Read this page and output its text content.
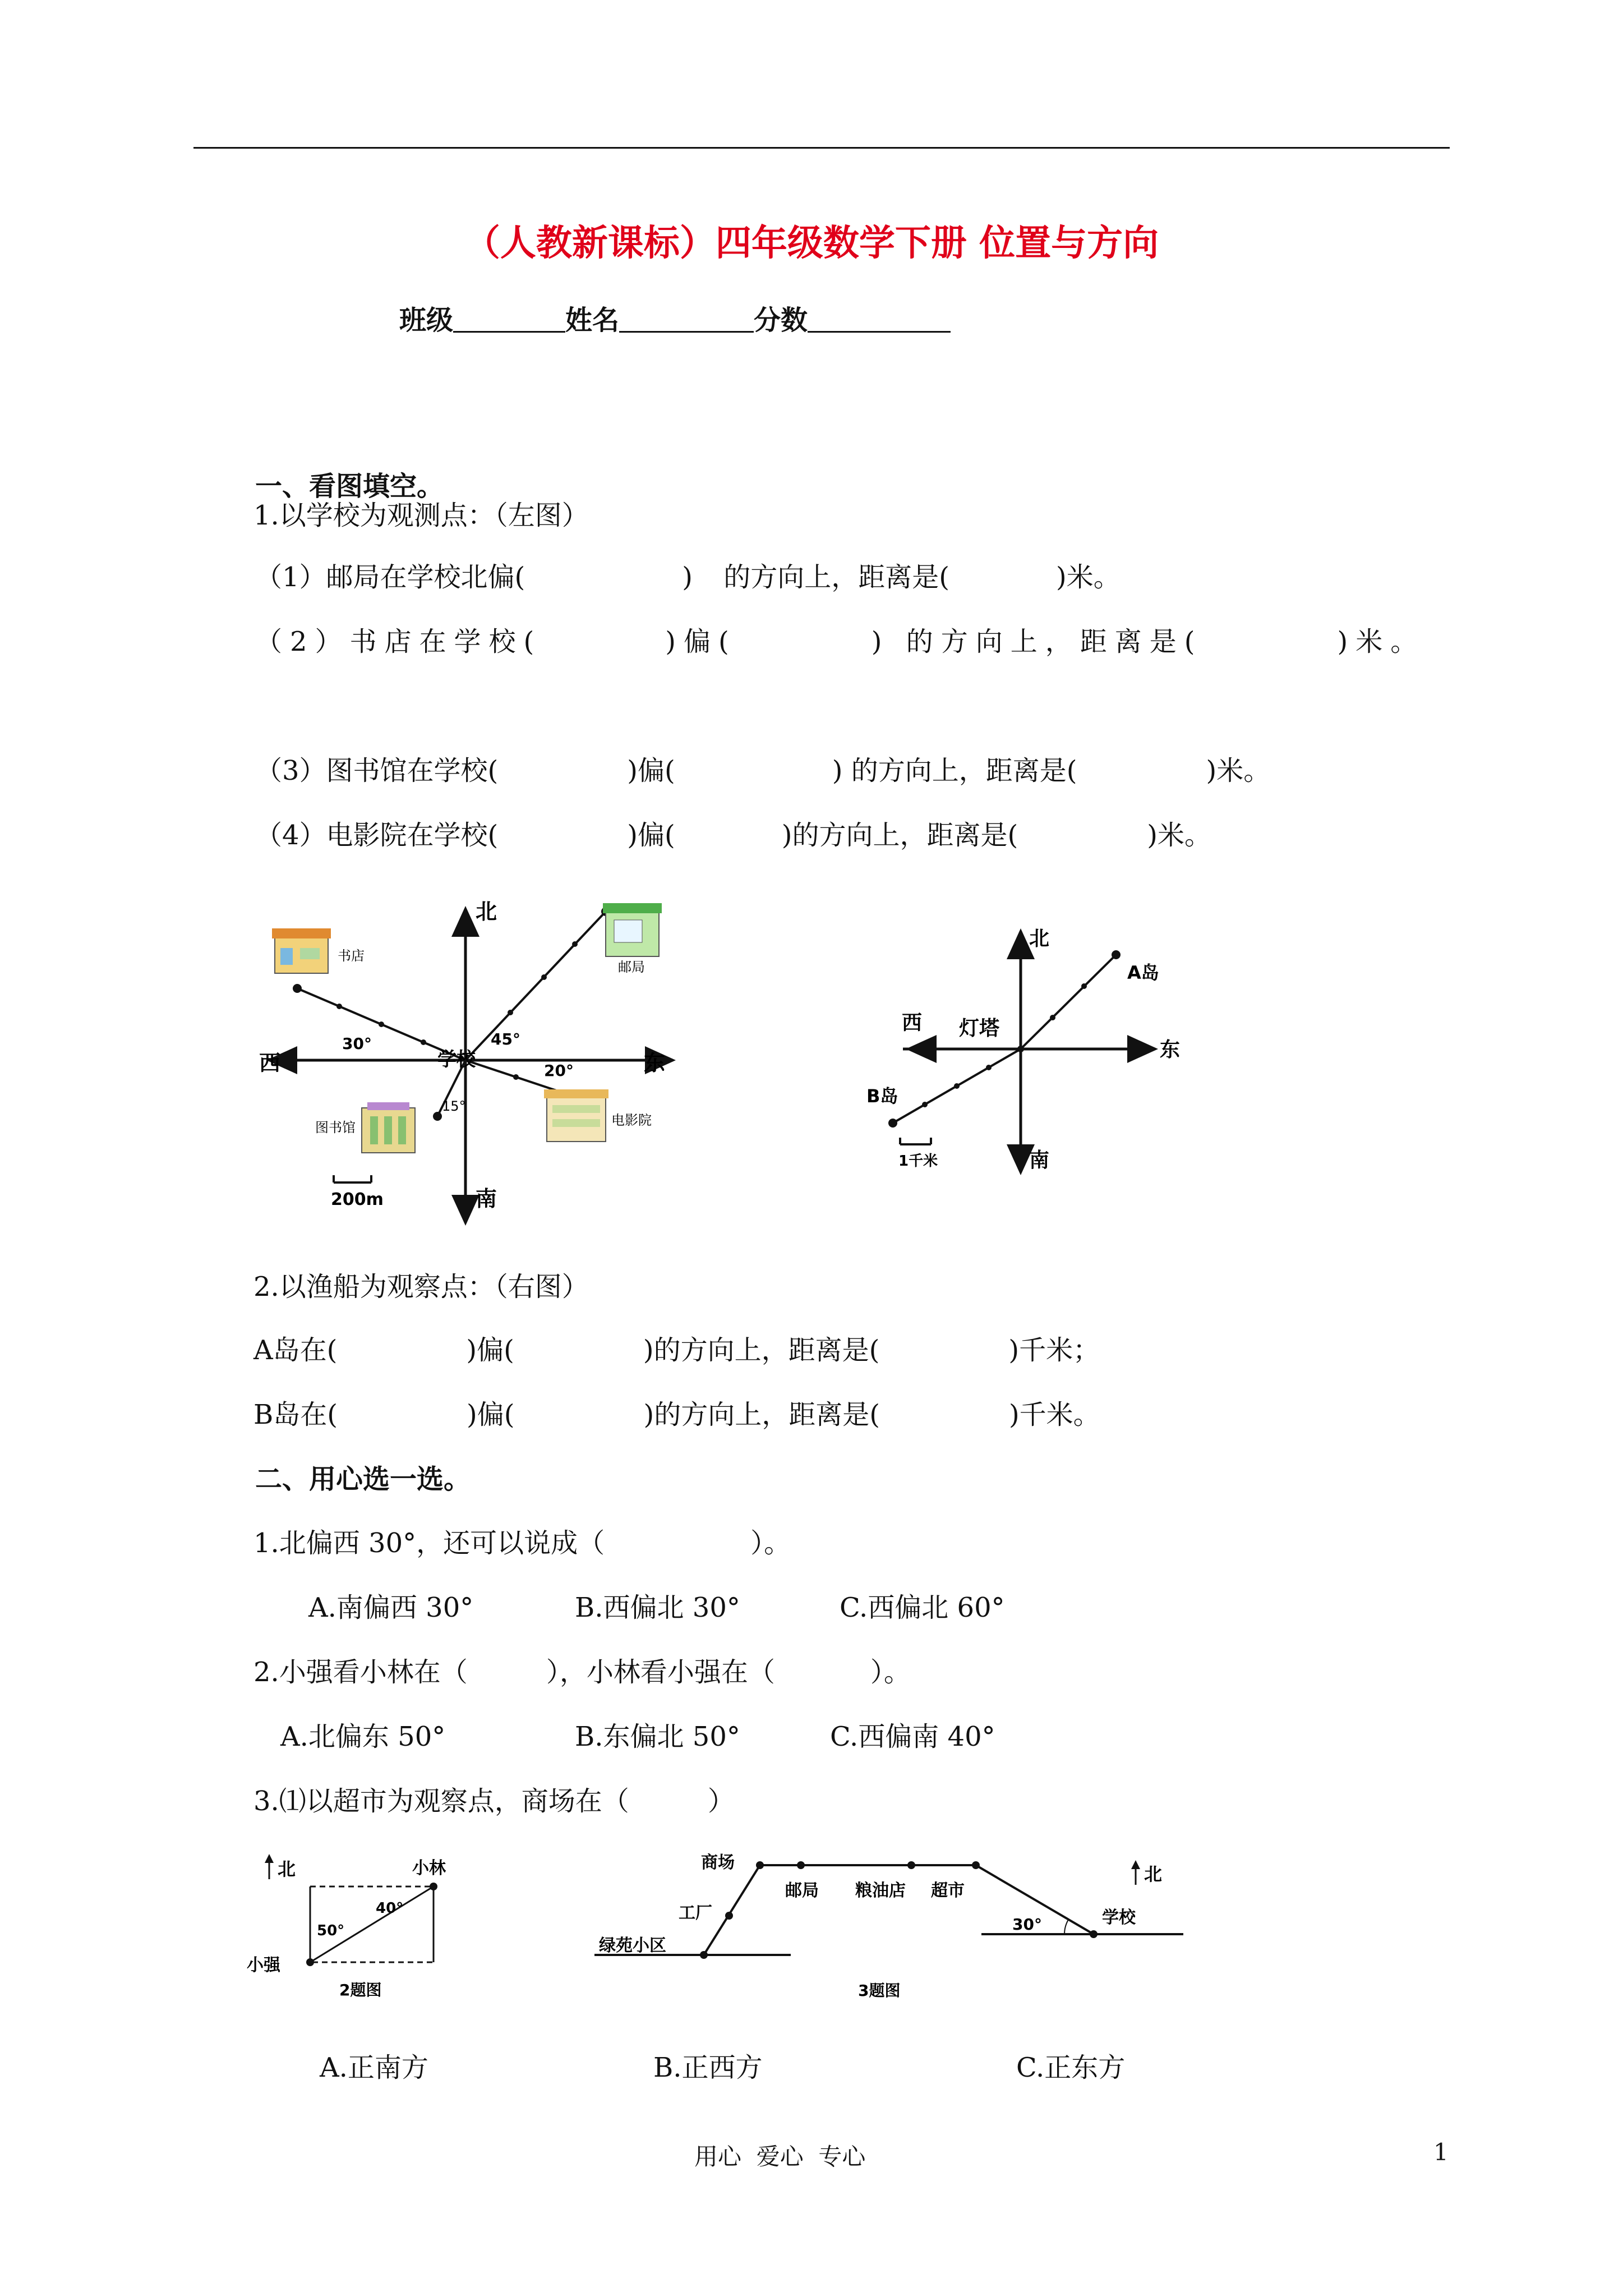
（人教新课标）四年级数学下册 位置与方向
班级	姓名	分数
一、看图填空。
1.以学校为观测点：（左图）
（1）邮局在学校北偏(	) 的方向上，距离是(	)米。
（2）书店在学校(	)偏(	) 的方向上，距离是(	)米。
（3）图书馆在学校(	)偏(	) 的方向上，距离是(	)米。
（4）电影院在学校(	)偏(	)的方向上，距离是(	)米。
北
南
东
西	学校
书店
邮局
图书馆	电影院
30°	45°
20°
15°
200m
北
南
东
西 灯塔
A岛
B岛
1千米
2.以渔船为观察点：（右图）
A岛在(	)偏(	)的方向上，距离是(	)千米；
B岛在(	)偏(	)的方向上，距离是(	)千米。
二、用心选一选。
1.北偏西 30°，还可以说成（	）。
A.南偏西 30°	B.西偏北 30°	C.西偏北 60°
2.小强看小林在（	），小林看小强在（	）。
A.北偏东 50°	B.东偏北 50°	C.西偏南 40°
3.⑴以超市为观察点，商场在（	）
北	小林
40°
50°
小强
2题图
商场
工厂
绿苑小区
邮局 粮油店 超市
学校
30°
北
3题图
A.正南方	B.正西方	C.正东方
用心  爱心  专心	1
